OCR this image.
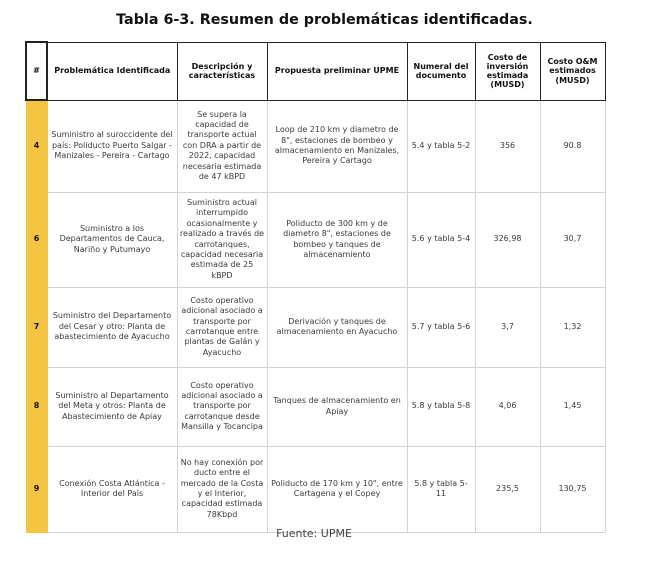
Tabla 6-3. Resumen de problemáticas identificadas.
#	Problemática Identificada	Descripción y características	Propuesta preliminar UPME	Numeral del documento	Costo de inversión estimada (MUSD)	Costo O&M estimados (MUSD)
4	Suministro al suroccidente del país: Poliducto Puerto Salgar - Manizales - Pereira - Cartago	Se supera la capacidad de transporte actual con DRA a partir de 2022, capacidad necesaria estimada de 47 kBPD	Loop de 210 km y diametro de 8", estaciones de bombeo y almacenamiento en Manizales, Pereira y Cartago	5.4 y tabla 5-2	356	90.8
6	Suministro a los Departamentos de Cauca, Nariño y Putumayo	Suministro actual interrumpido ocasionalmente y realizado a través de carrotanques, capacidad necesaria estimada de 25 kBPD	Poliducto de 300 km y de diametro 8", estaciones de bombeo y tanques de almacenamiento	5.6 y tabla 5-4	326,98	30,7
7	Suministro del Departamento del Cesar y otro: Planta de abastecimiento de Ayacucho	Costo operativo adicional asociado a transporte por carrotanque entre plantas de Galán y Ayacucho	Derivación y tanques de almacenamiento en Ayacucho	5.7 y tabla 5-6	3,7	1,32
8	Suministro al Departamento del Meta y otros: Planta de Abastecimiento de Apiay	Costo operativo adicional asociado a transporte por carrotanque desde Mansilla y Tocancipa	Tanques de almacenamiento en Apiay	5.8 y tabla 5-8	4,06	1,45
9	Conexión Costa Atlántica - Interior del País	No hay conexión por ducto entre el mercado de la Costa y el Interior, capacidad estimada 78Kbpd	Poliducto de 170 km y 10", entre Cartagena y el Copey	5.8 y tabla 5-11	235,5	130,75
Fuente: UPME
